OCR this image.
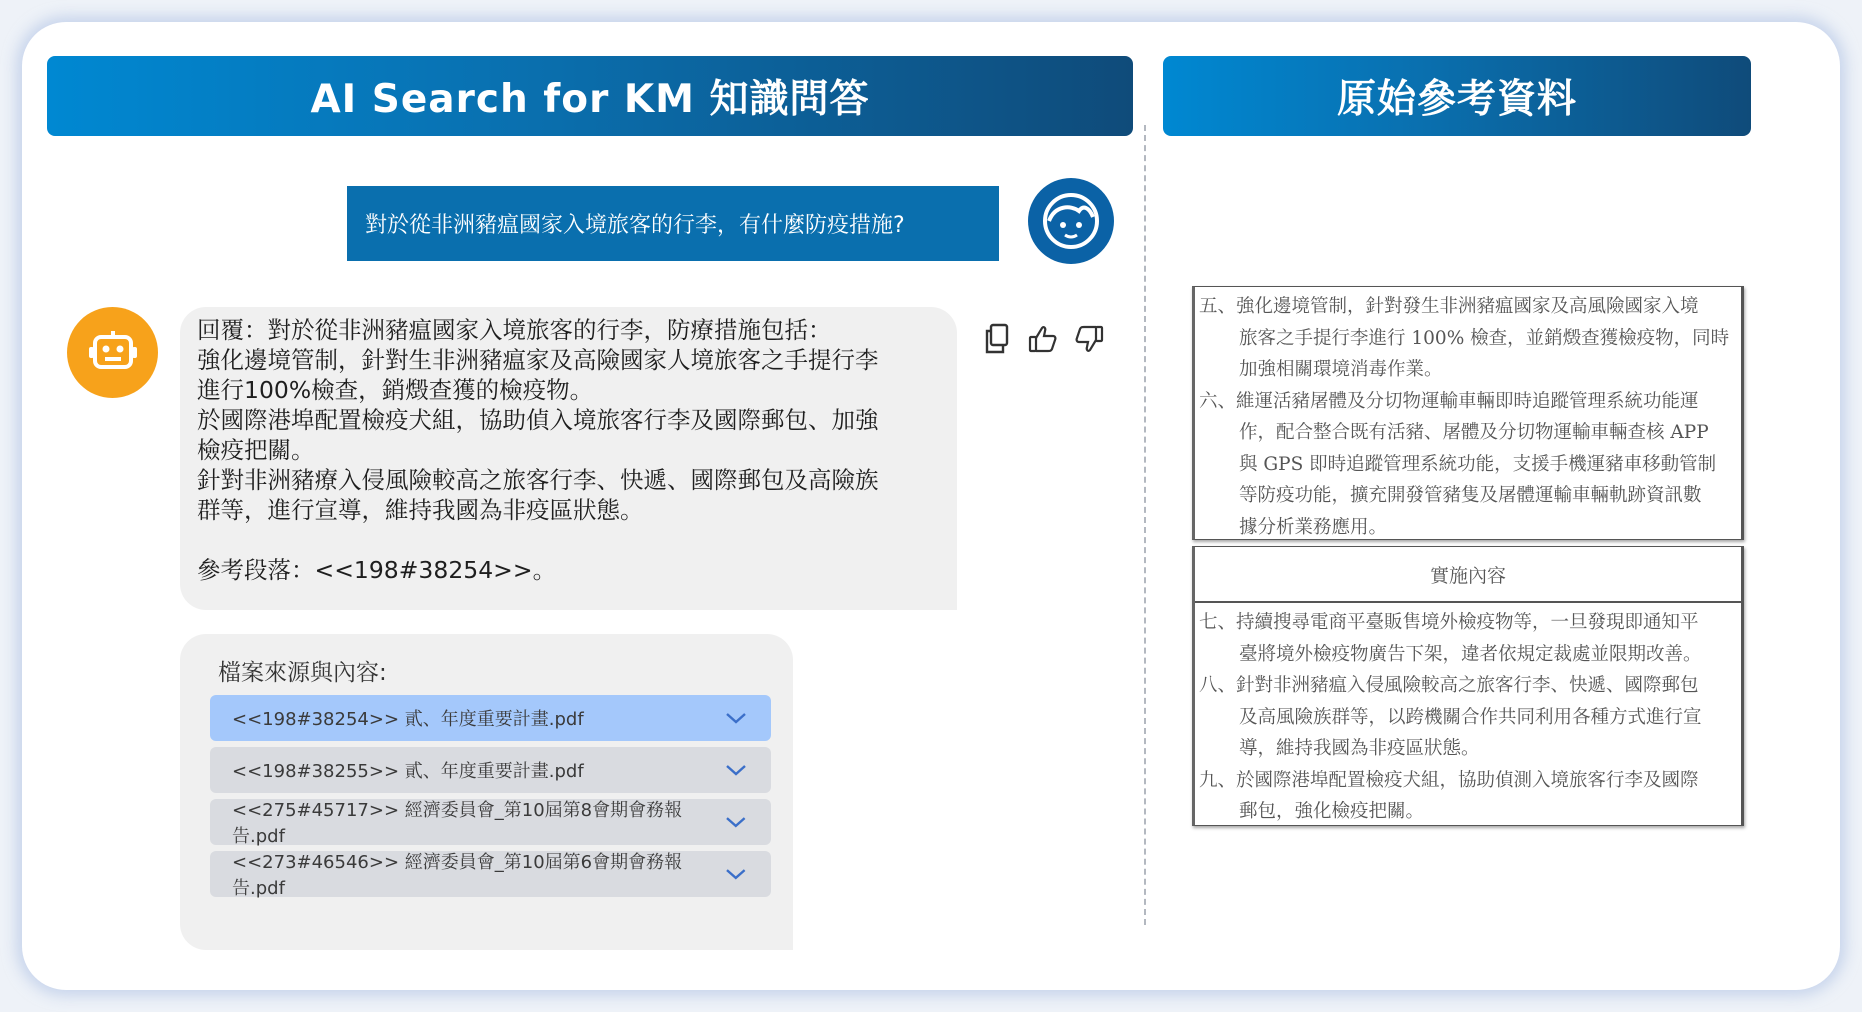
AI Search for KM 知識問答	原始參考資料
對於從非洲豬瘟國家入境旅客的行李，有什麼防疫措施?
回覆：對於從非洲豬瘟國家入境旅客的行李，防療措施包括：
強化邊境管制，針對生非洲豬瘟家及高險國家人境旅客之手提行李
進行100%檢查，銷燬查獲的檢疫物。
於國際港埠配置檢疫犬組，協助偵入境旅客行李及國際郵包、加強
檢疫把關。
針對非洲豬療入侵風險較高之旅客行李、快遞、國際郵包及高險族
群等，進行宣導，維持我國為非疫區狀態。
參考段落：<<198#38254>>。
檔案來源與內容:
<<198#38254>> 貳、年度重要計畫.pdf
<<198#38255>> 貳、年度重要計畫.pdf
<<275#45717>> 經濟委員會_第10屆第8會期會務報告.pdf
<<273#46546>> 經濟委員會_第10屆第6會期會務報告.pdf
五、強化邊境管制，針對發生非洲豬瘟國家及高風險國家入境
旅客之手提行李進行 100% 檢查，並銷燬查獲檢疫物，同時
加強相關環境消毒作業。
六、維運活豬屠體及分切物運輸車輛即時追蹤管理系統功能運
作，配合整合既有活豬、屠體及分切物運輸車輛查核 APP
與 GPS 即時追蹤管理系統功能，支援手機運豬車移動管制
等防疫功能，擴充開發管豬隻及屠體運輸車輛軌跡資訊數
據分析業務應用。
實施內容
七、持續搜尋電商平臺販售境外檢疫物等，一旦發現即通知平
臺將境外檢疫物廣告下架，違者依規定裁處並限期改善。
八、針對非洲豬瘟入侵風險較高之旅客行李、快遞、國際郵包
及高風險族群等，以跨機關合作共同利用各種方式進行宣
導，維持我國為非疫區狀態。
九、於國際港埠配置檢疫犬組，協助偵測入境旅客行李及國際
郵包，強化檢疫把關。
